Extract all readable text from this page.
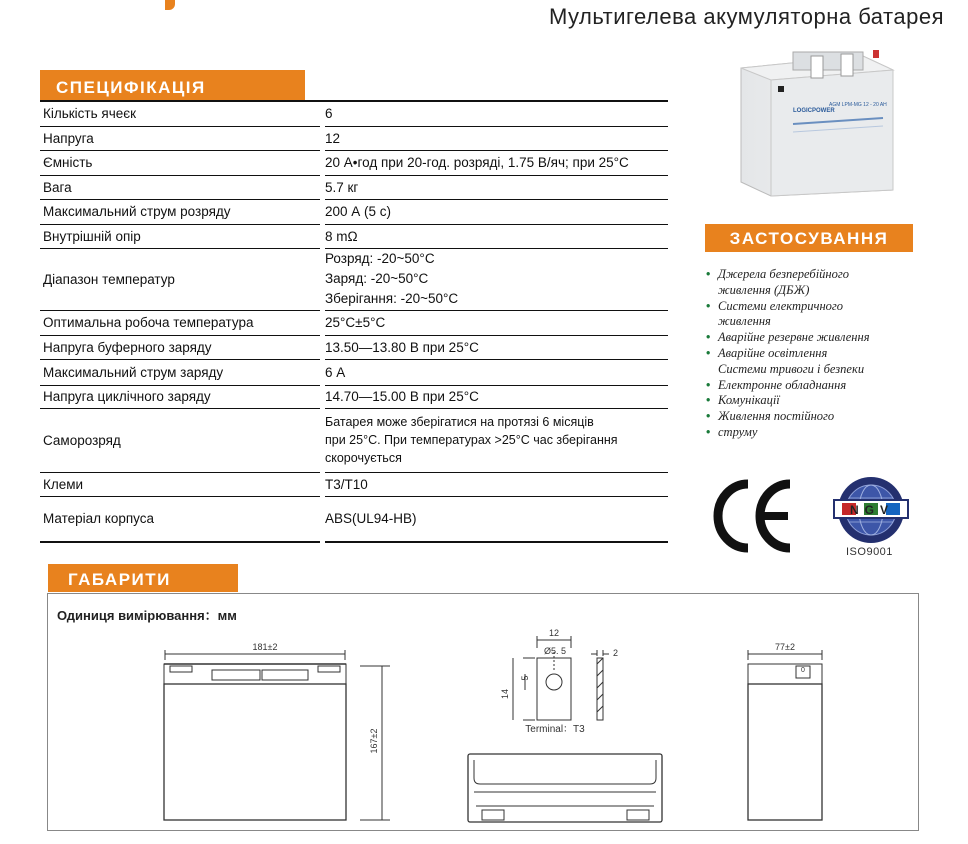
Мультигелева акумуляторна батарея
СПЕЦИФІКАЦІЯ
Кількість ячеєк		6
Напруга		12
Ємність		20 А•год при 20-год. розряді, 1.75 В/яч; при 25°С
Вага		5.7 кг
Максимальний струм розряду		200 А (5 с)
Внутрішній опір		8 mΩ
Діапазон температур		Розряд: -20~50°С
Заряд: -20~50°С
Зберігання: -20~50°С

Оптимальна робоча температура		25°С±5°С
Напруга буферного заряду		13.50—13.80 В при 25°С
Максимальний струм заряду		6 А
Напруга циклічного заряду		14.70—15.00 В при 25°С
Саморозряд		Батарея може зберігатися на протязі 6 місяців
при 25°С. При температурах >25°С час зберігання
скорочується

Клеми		Т3/Т10
Матеріал корпуса		ABS(UL94-HB)
LOGICPOWER
AGM LPM-MG 12 - 20 AH
ЗАСТОСУВАННЯ
• Джерела безперебійного
живлення (ДБЖ)
• Системи електричного
живлення
• Аварійне резервне живлення
• Аварійне освітлення
Системи тривоги і безпеки
• Електронне обладнання
• Комунікації
• Живлення постійного
• струму
NGV
ISO9001
ГАБАРИТИ
Одиниця вимірювання：мм
181±2
167±2
12
Ø5. 5
5
14
2
Terminal：T3
0
77±2
